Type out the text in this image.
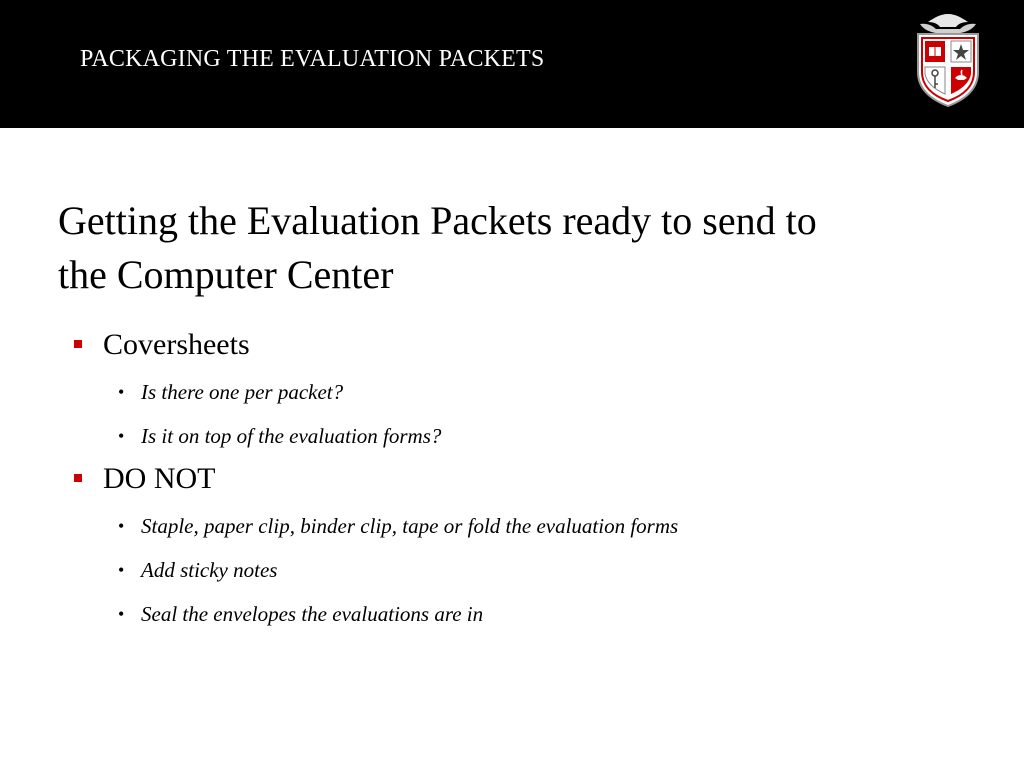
PACKAGING THE EVALUATION PACKETS
Getting the Evaluation Packets ready to send to
the Computer Center
Coversheets
• Is there one per packet?
• Is it on top of the evaluation forms?
DO NOT
• Staple, paper clip, binder clip, tape or fold the evaluation forms
• Add sticky notes
• Seal the envelopes the evaluations are in
